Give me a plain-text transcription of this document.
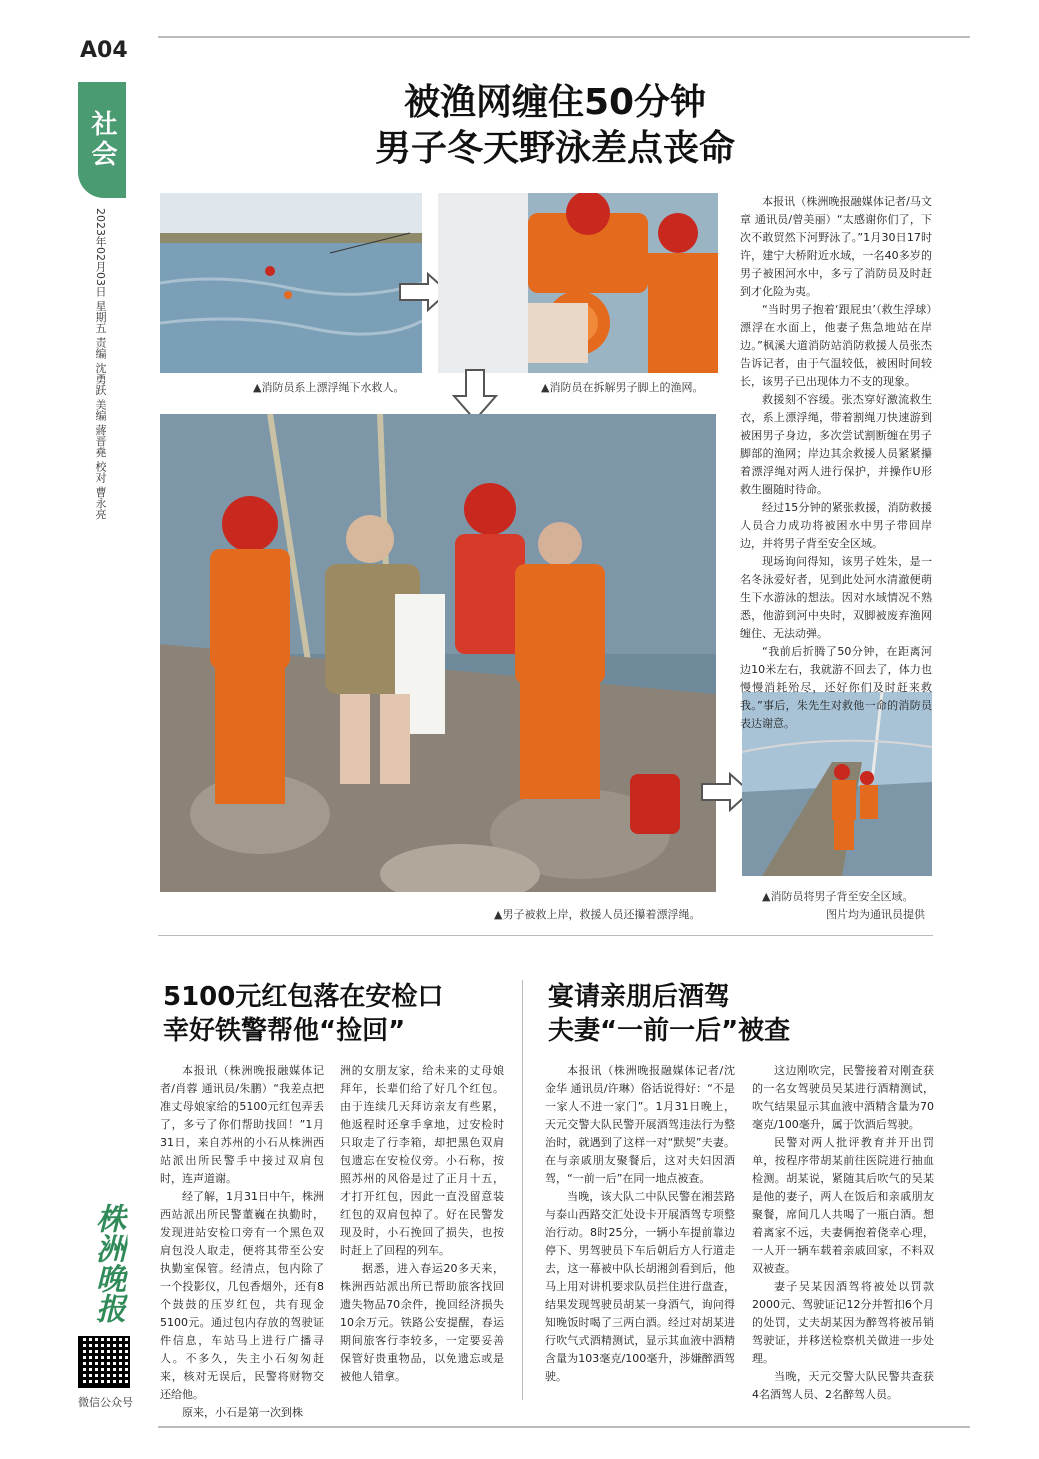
A04
社会
2023年02月03日 星期五 责编 沈勇跃 美编 蔣晋堯 校对 曹永亮
株洲晚报
微信公众号
被渔网缠住50分钟
男子冬天野泳差点丧命
▲消防员系上漂浮绳下水救人。	▲消防员在拆解男子脚上的渔网。
▲男子被救上岸，救援人员还攥着漂浮绳。
▲消防员将男子背至安全区域。
图片均为通讯员提供

本报讯（株洲晚报融媒体记者/马文章 通讯员/曾美丽）“太感谢你们了，下次不敢贸然下河野泳了。”1月30日17时许，建宁大桥附近水域，一名40多岁的男子被困河水中，多亏了消防员及时赶到才化险为夷。

“当时男子抱着‘跟屁虫’（救生浮球）漂浮在水面上，他妻子焦急地站在岸边。”枫溪大道消防站消防救援人员张杰告诉记者，由于气温较低，被困时间较长，该男子已出现体力不支的现象。

救援刻不容缓。张杰穿好激流救生衣，系上漂浮绳，带着割绳刀快速游到被困男子身边，多次尝试割断缠在男子脚部的渔网；岸边其余救援人员紧紧攥着漂浮绳对两人进行保护，并操作U形救生圈随时待命。

经过15分钟的紧张救援，消防救援人员合力成功将被困水中男子带回岸边，并将男子背至安全区域。

现场询问得知，该男子姓朱，是一名冬泳爱好者，见到此处河水清澈便萌生下水游泳的想法。因对水域情况不熟悉，他游到河中央时，双脚被废弃渔网缠住、无法动弹。

“我前后折腾了50分钟，在距离河边10米左右，我就游不回去了，体力也慢慢消耗殆尽，还好你们及时赶来救我。”事后，朱先生对救他一命的消防员表达谢意。

5100元红包落在安检口
幸好铁警帮他“捡回”

本报讯（株洲晚报融媒体记者/肖蓉 通讯员/朱鹏）“我差点把准丈母娘家给的5100元红包弄丢了，多亏了你们帮助找回！”1月31日，来自苏州的小石从株洲西站派出所民警手中接过双肩包时，连声道谢。

经了解，1月31日中午，株洲西站派出所民警董巍在执勤时，发现进站安检口旁有一个黑色双肩包没人取走，便将其带至公安执勤室保管。经清点，包内除了一个投影仪，几包香烟外，还有8个鼓鼓的压岁红包，共有现金5100元。通过包内存放的驾驶证件信息，车站马上进行广播寻人。不多久，失主小石匆匆赶来，核对无误后，民警将财物交还给他。

原来，小石是第一次到株

洲的女朋友家，给未来的丈母娘拜年，长辈们给了好几个红包。由于连续几天拜访亲友有些累，他返程时还拿手拿地，过安检时只取走了行李箱，却把黑色双肩包遗忘在安检仪旁。小石称，按照苏州的风俗是过了正月十五，才打开红包，因此一直没留意装红包的双肩包掉了。好在民警发现及时，小石挽回了损失，也按时赶上了回程的列车。

据悉，进入春运20多天来，株洲西站派出所已帮助旅客找回遗失物品70余件，挽回经济损失10余万元。铁路公安提醒，春运期间旅客行李较多，一定要妥善保管好贵重物品，以免遗忘或是被他人错拿。

宴请亲朋后酒驾
夫妻“一前一后”被查

本报讯（株洲晚报融媒体记者/沈金华 通讯员/许琳）俗话说得好：“不是一家人不进一家门”。1月31日晚上，天元交警大队民警开展酒驾违法行为整治时，就遇到了这样一对“默契”夫妻。在与亲戚朋友聚餐后，这对夫妇因酒驾，“一前一后”在同一地点被查。

当晚，该大队二中队民警在湘芸路与泰山西路交汇处设卡开展酒驾专项整治行动。8时25分，一辆小车提前靠边停下、男驾驶员下车后朝后方人行道走去，这一幕被中队长胡湘剑看到后，他马上用对讲机要求队员拦住进行盘查，结果发现驾驶员胡某一身酒气，询问得知晚饭时喝了三两白酒。经过对胡某进行吹气式酒精测试，显示其血液中酒精含量为103毫克/100毫升，涉嫌醉酒驾驶。

这边刚吹完，民警接着对刚查获的一名女驾驶员吴某进行酒精测试，吹气结果显示其血液中酒精含量为70毫克/100毫升，属于饮酒后驾驶。

民警对两人批评教育并开出罚单，按程序带胡某前往医院进行抽血检测。胡某说，紧随其后吹气的吴某是他的妻子，两人在饭后和亲戚朋友聚餐，席间几人共喝了一瓶白酒。想着离家不远，夫妻俩抱着侥幸心理，一人开一辆车载着亲戚回家，不料双双被查。

妻子吴某因酒驾将被处以罚款2000元、驾驶证记12分并暂扣6个月的处罚，丈夫胡某因为醉驾将被吊销驾驶证，并移送检察机关做进一步处理。

当晚，天元交警大队民警共查获4名酒驾人员、2名醉驾人员。
